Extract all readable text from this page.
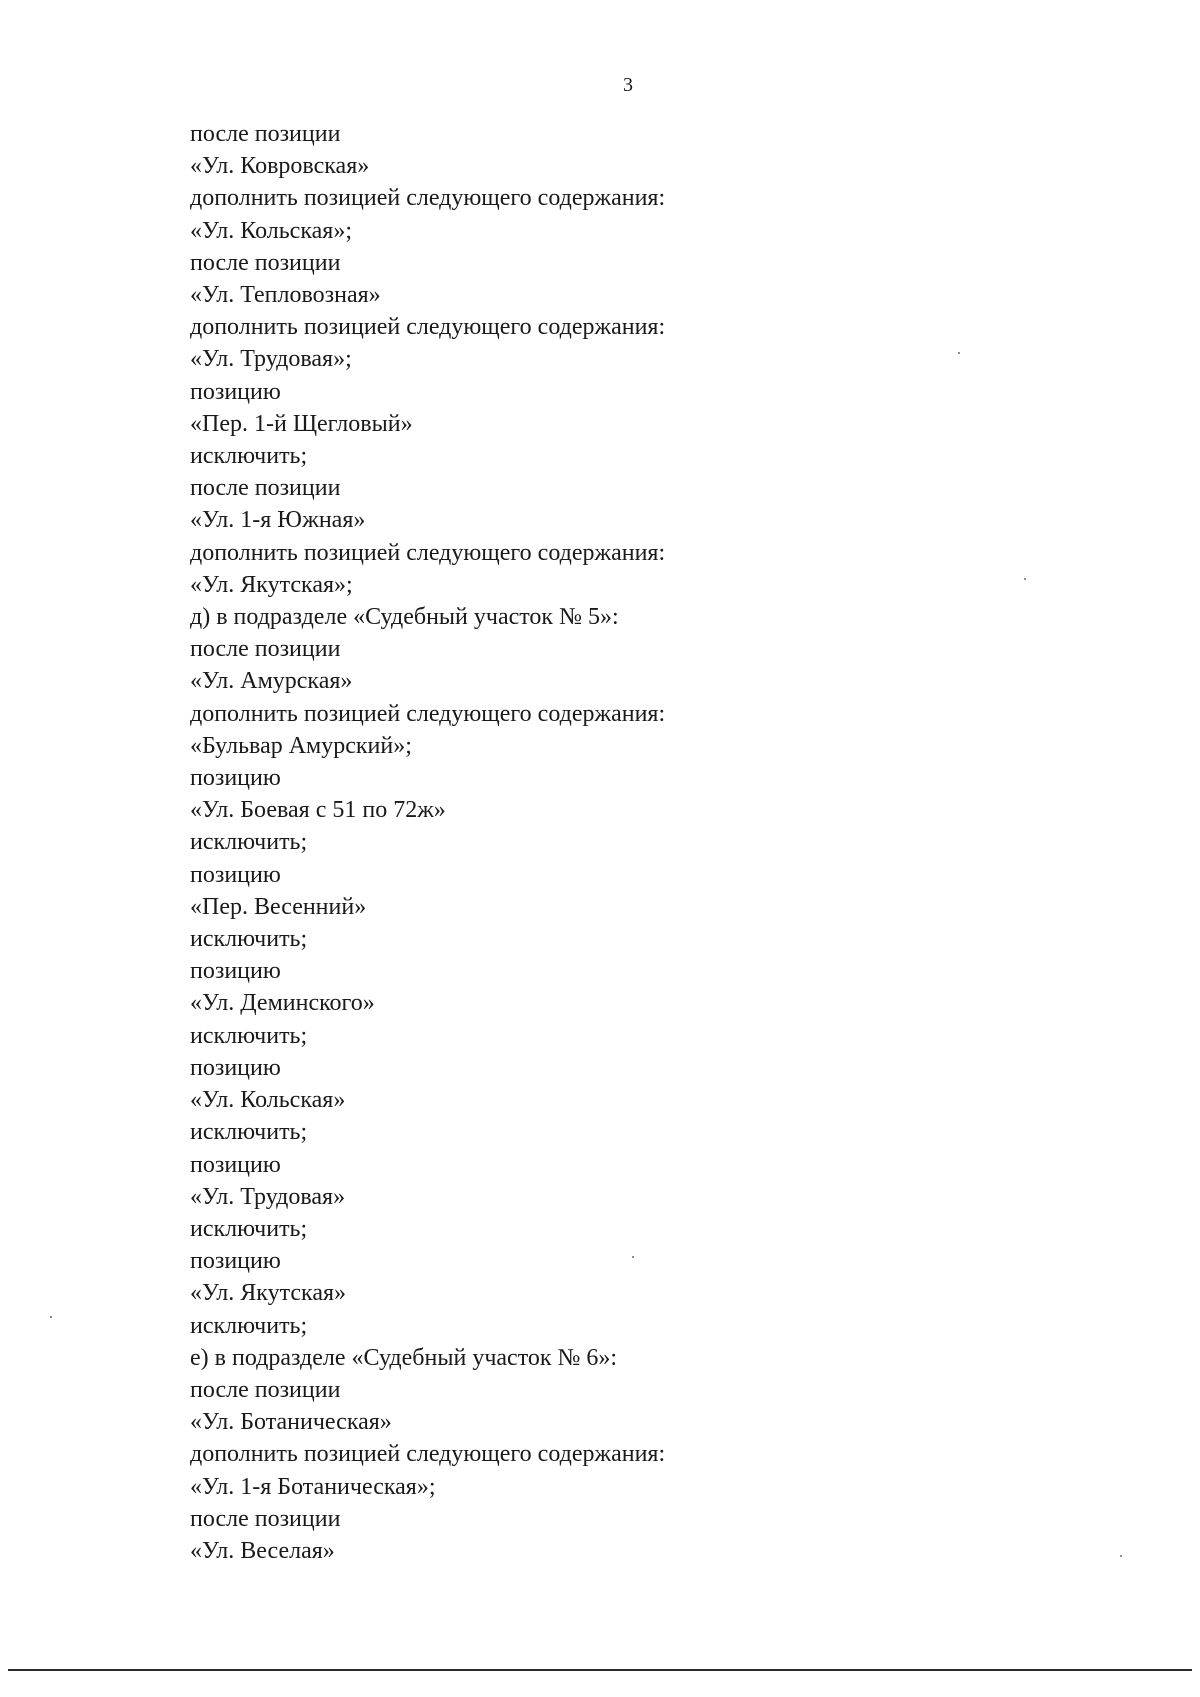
3
после позиции
«Ул. Ковровская»
дополнить позицией следующего содержания:
«Ул. Кольская»;
после позиции
«Ул. Тепловозная»
дополнить позицией следующего содержания:
«Ул. Трудовая»;
позицию
«Пер. 1-й Щегловый»
исключить;
после позиции
«Ул. 1-я Южная»
дополнить позицией следующего содержания:
«Ул. Якутская»;
д) в подразделе «Судебный участок № 5»:
после позиции
«Ул. Амурская»
дополнить позицией следующего содержания:
«Бульвар Амурский»;
позицию
«Ул. Боевая с 51 по 72ж»
исключить;
позицию
«Пер. Весенний»
исключить;
позицию
«Ул. Деминского»
исключить;
позицию
«Ул. Кольская»
исключить;
позицию
«Ул. Трудовая»
исключить;
позицию
«Ул. Якутская»
исключить;
е) в подразделе «Судебный участок № 6»:
после позиции
«Ул. Ботаническая»
дополнить позицией следующего содержания:
«Ул. 1-я Ботаническая»;
после позиции
«Ул. Веселая»
